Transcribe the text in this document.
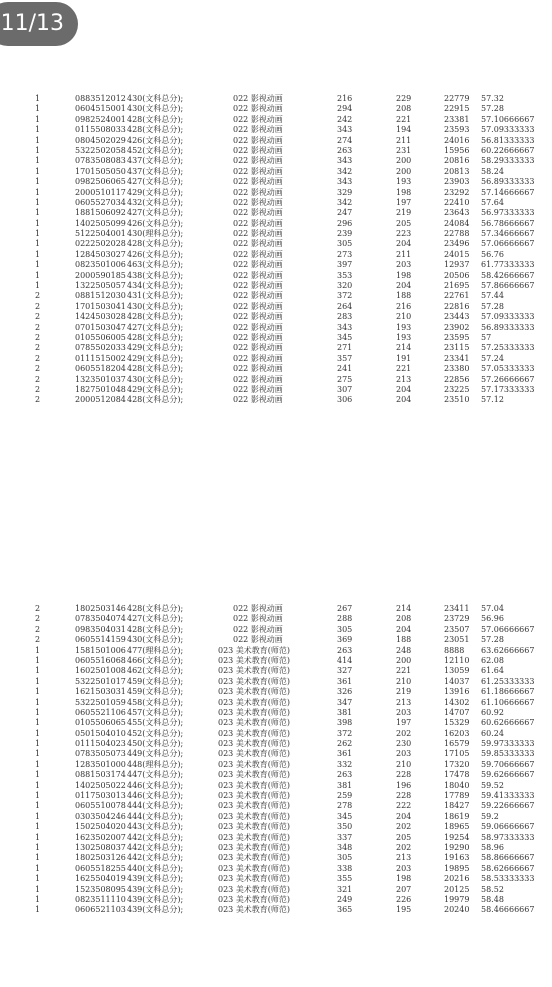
11/13
1	0883512012 430(文科总分);	022 影视动画	216	229	22779 57.32
1	0604515001 430(文科总分);	022 影视动画	294	208	22915 57.28
1	0982524001 428(文科总分);	022 影视动画	242	221	23381 57.10666667
1	0115508033 428(文科总分);	022 影视动画	343	194	23593 57.09333333
1	0804502029 426(文科总分);	022 影视动画	274	211	24016 56.81333333
1	5322502058 452(文科总分);	022 影视动画	263	231	15956 60.22666667
1	0783508083 437(文科总分);	022 影视动画	343	200	20816 58.29333333
1	1701505050 437(文科总分);	022 影视动画	342	200	20813 58.24
1	0982506065 427(文科总分);	022 影视动画	343	193	23903 56.89333333
1	2000510117 429(文科总分);	022 影视动画	329	198	23292 57.14666667
1	0605527034 432(文科总分);	022 影视动画	342	197	22410 57.64
1	1881506092 427(文科总分);	022 影视动画	247	219	23643 56.97333333
1	1402505099 426(文科总分);	022 影视动画	296	205	24084 56.78666667
1	5122504001 430(理科总分);	022 影视动画	239	223	22788 57.34666667
1	0222502028 428(文科总分);	022 影视动画	305	204	23496 57.06666667
1	1284503027 426(文科总分);	022 影视动画	273	211	24015 56.76
1	0823501006 463(文科总分);	022 影视动画	397	203	12937 61.77333333
1	2000590185 438(文科总分);	022 影视动画	353	198	20506 58.42666667
1	1322505057 434(文科总分);	022 影视动画	320	204	21695 57.86666667
2	0881512030 431(文科总分);	022 影视动画	372	188	22761 57.44
2	1701503041 430(文科总分);	022 影视动画	264	216	22816 57.28
2	1424503028 428(文科总分);	022 影视动画	283	210	23443 57.09333333
2	0701503047 427(文科总分);	022 影视动画	343	193	23902 56.89333333
2	0105506005 428(文科总分);	022 影视动画	345	193	23595 57
2	0785502033 429(文科总分);	022 影视动画	271	214	23115 57.25333333
2	0111515002 429(文科总分);	022 影视动画	357	191	23341 57.24
2	0605518204 428(文科总分);	022 影视动画	241	221	23380 57.05333333
2	1323501037 430(文科总分);	022 影视动画	275	213	22856 57.26666667
2	1827501048 429(文科总分);	022 影视动画	307	204	23225 57.17333333
2	2000512084 428(文科总分);	022 影视动画	306	204	23510 57.12
2	1802503146 428(文科总分);	022 影视动画	267	214	23411 57.04
2	0783504074 427(文科总分);	022 影视动画	288	208	23729 56.96
2	0983504031 428(文科总分);	022 影视动画	305	204	23507 57.06666667
2	0605514159 430(文科总分);	022 影视动画	369	188	23051 57.28
1	1581501006 477(理科总分);	023 美术教育(师范)	263	248	8888 63.62666667
1	0605516068 466(文科总分);	023 美术教育(师范)	414	200	12110 62.08
1	1602501008 462(文科总分);	023 美术教育(师范)	327	221	13059 61.64
1	5322501017 459(文科总分);	023 美术教育(师范)	361	210	14037 61.25333333
1	1621503031 459(文科总分);	023 美术教育(师范)	326	219	13916 61.18666667
1	5322501059 458(文科总分);	023 美术教育(师范)	347	213	14302 61.10666667
1	0605521106 457(文科总分);	023 美术教育(师范)	381	203	14707 60.92
1	0105506065 455(文科总分);	023 美术教育(师范)	398	197	15329 60.62666667
1	0501504010 452(文科总分);	023 美术教育(师范)	372	202	16203 60.24
1	0111504023 450(文科总分);	023 美术教育(师范)	262	230	16579 59.97333333
1	0783505073 449(文科总分);	023 美术教育(师范)	361	203	17105 59.85333333
1	1283501000 448(理科总分);	023 美术教育(师范)	332	210	17320 59.70666667
1	0881503174 447(文科总分);	023 美术教育(师范)	263	228	17478 59.62666667
1	1402505022 446(文科总分);	023 美术教育(师范)	381	196	18040 59.52
1	0117503013 446(文科总分);	023 美术教育(师范)	259	228	17789 59.41333333
1	0605510078 444(文科总分);	023 美术教育(师范)	278	222	18427 59.22666667
1	0303504246 444(文科总分);	023 美术教育(师范)	345	204	18619 59.2
1	1502504020 443(文科总分);	023 美术教育(师范)	350	202	18965 59.06666667
1	1623502007 442(文科总分);	023 美术教育(师范)	337	205	19254 58.97333333
1	1302508037 442(文科总分);	023 美术教育(师范)	348	202	19290 58.96
1	1802503126 442(文科总分);	023 美术教育(师范)	305	213	19163 58.86666667
1	0605518255 440(文科总分);	023 美术教育(师范)	338	203	19895 58.62666667
1	1625504019 439(文科总分);	023 美术教育(师范)	355	198	20216 58.53333333
1	1523508095 439(文科总分);	023 美术教育(师范)	321	207	20125 58.52
1	0823511110 439(文科总分);	023 美术教育(师范)	249	226	19979 58.48
1	0606521103 439(文科总分);	023 美术教育(师范)	365	195	20240 58.46666667
